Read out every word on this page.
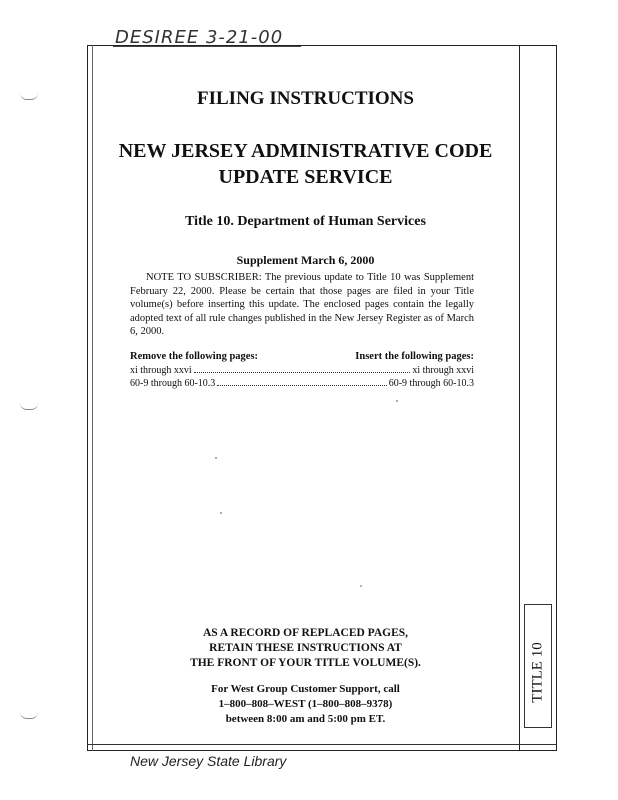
DESIREE 3-21-00
FILING INSTRUCTIONS
NEW JERSEY ADMINISTRATIVE CODE
UPDATE SERVICE
Title 10. Department of Human Services
Supplement March 6, 2000
NOTE TO SUBSCRIBER: The previous update to Title 10 was Supplement February 22, 2000. Please be certain that those pages are filed in your Title volume(s) before inserting this update. The enclosed pages contain the legally adopted text of all rule changes published in the New Jersey Register as of March 6, 2000.
Remove the following pages:	Insert the following pages:
xi through xxvi	xi through xxvi
60-9 through 60-10.3	60-9 through 60-10.3
AS A RECORD OF REPLACED PAGES,
RETAIN THESE INSTRUCTIONS AT
THE FRONT OF YOUR TITLE VOLUME(S).
For West Group Customer Support, call
1–800–808–WEST (1–800–808–9378)
between 8:00 am and 5:00 pm ET.
TITLE 10
New Jersey State Library
